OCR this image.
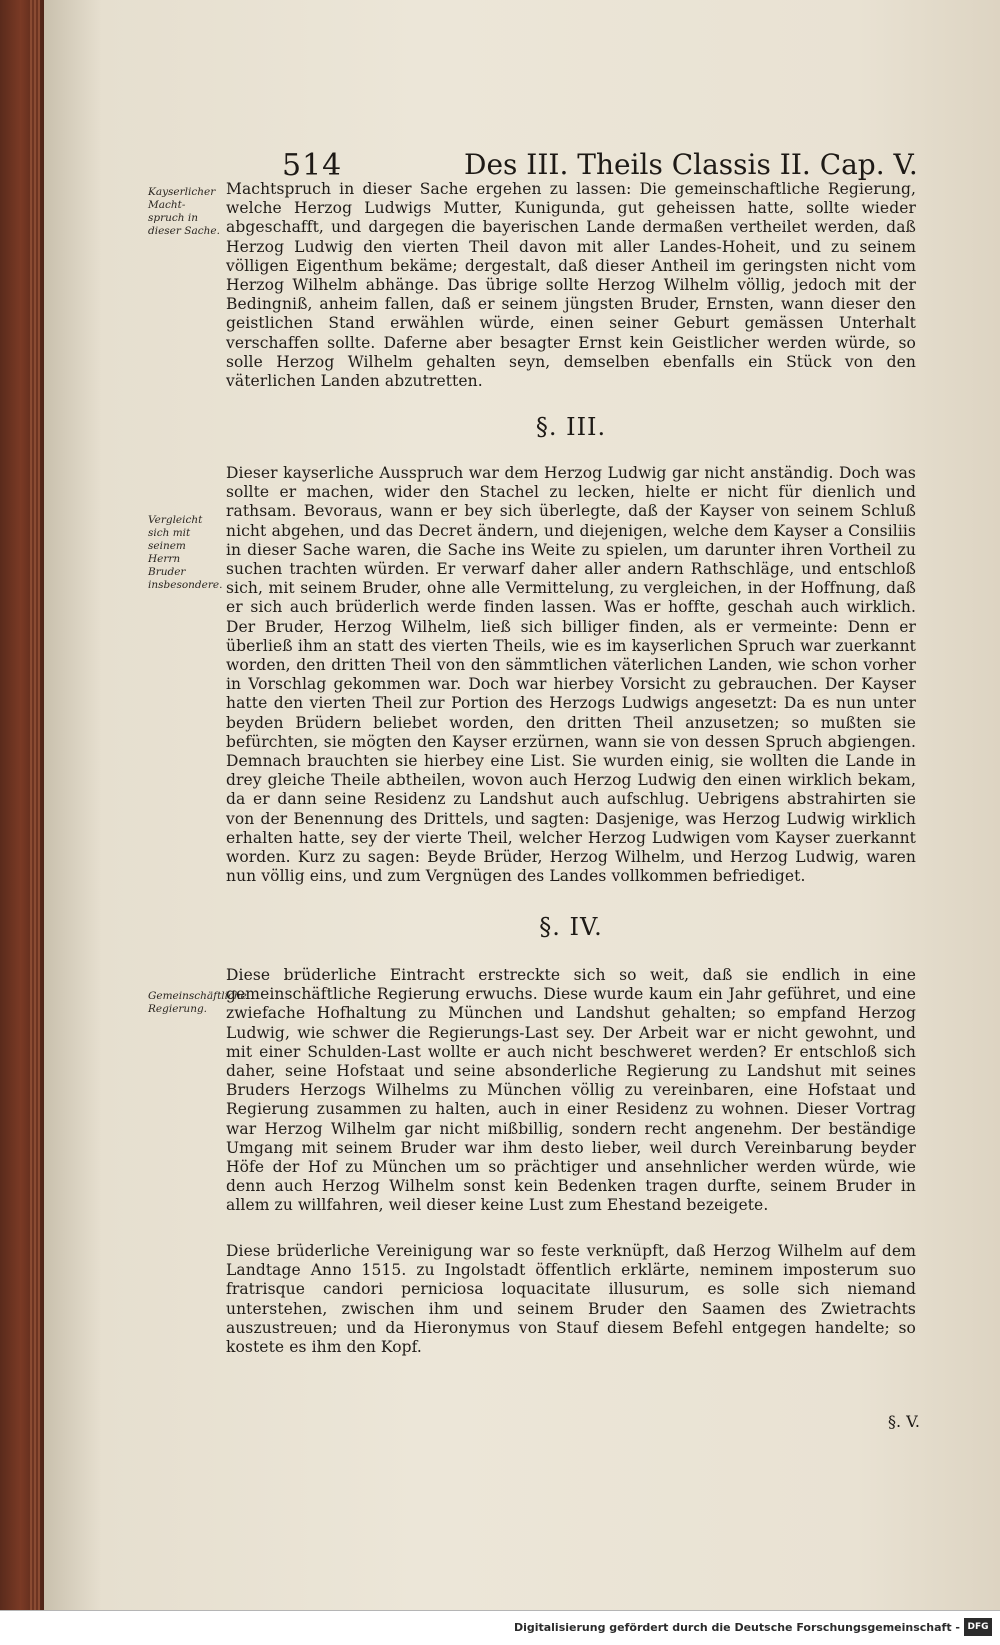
514	Des III. Theils Classis II. Cap. V.
Kayserlicher Macht-spruch in dieser Sache.
Vergleicht sich mit seinem Herrn Bruder insbesondere.
Gemeinschäftliche Regierung.
Machtspruch in dieser Sache ergehen zu lassen: Die gemeinschaftliche Regierung, welche Herzog Ludwigs Mutter, Kunigunda, gut geheissen hatte, sollte wieder abgeschafft, und dargegen die bayerischen Lande dermaßen vertheilet werden, daß Herzog Ludwig den vierten Theil davon mit aller Landes-Hoheit, und zu seinem völligen Eigenthum bekäme; dergestalt, daß dieser Antheil im geringsten nicht vom Herzog Wilhelm abhänge. Das übrige sollte Herzog Wilhelm völlig, jedoch mit der Bedingniß, anheim fallen, daß er seinem jüngsten Bruder, Ernsten, wann dieser den geistlichen Stand erwählen würde, einen seiner Geburt gemässen Unterhalt verschaffen sollte. Daferne aber besagter Ernst kein Geistlicher werden würde, so solle Herzog Wilhelm gehalten seyn, demselben ebenfalls ein Stück von den väterlichen Landen abzutretten.
§. III.
Dieser kayserliche Ausspruch war dem Herzog Ludwig gar nicht anständig. Doch was sollte er machen, wider den Stachel zu lecken, hielte er nicht für dienlich und rathsam. Bevoraus, wann er bey sich überlegte, daß der Kayser von seinem Schluß nicht abgehen, und das Decret ändern, und diejenigen, welche dem Kayser a Consiliis in dieser Sache waren, die Sache ins Weite zu spielen, um darunter ihren Vortheil zu suchen trachten würden. Er verwarf daher aller andern Rathschläge, und entschloß sich, mit seinem Bruder, ohne alle Vermittelung, zu vergleichen, in der Hoffnung, daß er sich auch brüderlich werde finden lassen. Was er hoffte, geschah auch wirklich. Der Bruder, Herzog Wilhelm, ließ sich billiger finden, als er vermeinte: Denn er überließ ihm an statt des vierten Theils, wie es im kayserlichen Spruch war zuerkannt worden, den dritten Theil von den sämmtlichen väterlichen Landen, wie schon vorher in Vorschlag gekommen war. Doch war hierbey Vorsicht zu gebrauchen. Der Kayser hatte den vierten Theil zur Portion des Herzogs Ludwigs angesetzt: Da es nun unter beyden Brüdern beliebet worden, den dritten Theil anzusetzen; so mußten sie befürchten, sie mögten den Kayser erzürnen, wann sie von dessen Spruch abgiengen. Demnach brauchten sie hierbey eine List. Sie wurden einig, sie wollten die Lande in drey gleiche Theile abtheilen, wovon auch Herzog Ludwig den einen wirklich bekam, da er dann seine Residenz zu Landshut auch aufschlug. Uebrigens abstrahirten sie von der Benennung des Drittels, und sagten: Dasjenige, was Herzog Ludwig wirklich erhalten hatte, sey der vierte Theil, welcher Herzog Ludwigen vom Kayser zuerkannt worden. Kurz zu sagen: Beyde Brüder, Herzog Wilhelm, und Herzog Ludwig, waren nun völlig eins, und zum Vergnügen des Landes vollkommen befriediget.
§. IV.
Diese brüderliche Eintracht erstreckte sich so weit, daß sie endlich in eine gemeinschäftliche Regierung erwuchs. Diese wurde kaum ein Jahr geführet, und eine zwiefache Hofhaltung zu München und Landshut gehalten; so empfand Herzog Ludwig, wie schwer die Regierungs-Last sey. Der Arbeit war er nicht gewohnt, und mit einer Schulden-Last wollte er auch nicht beschweret werden? Er entschloß sich daher, seine Hofstaat und seine absonderliche Regierung zu Landshut mit seines Bruders Herzogs Wilhelms zu München völlig zu vereinbaren, eine Hofstaat und Regierung zusammen zu halten, auch in einer Residenz zu wohnen. Dieser Vortrag war Herzog Wilhelm gar nicht mißbillig, sondern recht angenehm. Der beständige Umgang mit seinem Bruder war ihm desto lieber, weil durch Vereinbarung beyder Höfe der Hof zu München um so prächtiger und ansehnlicher werden würde, wie denn auch Herzog Wilhelm sonst kein Bedenken tragen durfte, seinem Bruder in allem zu willfahren, weil dieser keine Lust zum Ehestand bezeigete.
Diese brüderliche Vereinigung war so feste verknüpft, daß Herzog Wilhelm auf dem Landtage Anno 1515. zu Ingolstadt öffentlich erklärte, neminem imposterum suo fratrisque candori perniciosa loquacitate illusurum, es solle sich niemand unterstehen, zwischen ihm und seinem Bruder den Saamen des Zwietrachts auszustreuen; und da Hieronymus von Stauf diesem Befehl entgegen handelte; so kostete es ihm den Kopf.
§. V.
Digitalisierung gefördert durch die Deutsche Forschungsgemeinschaft - DFG
